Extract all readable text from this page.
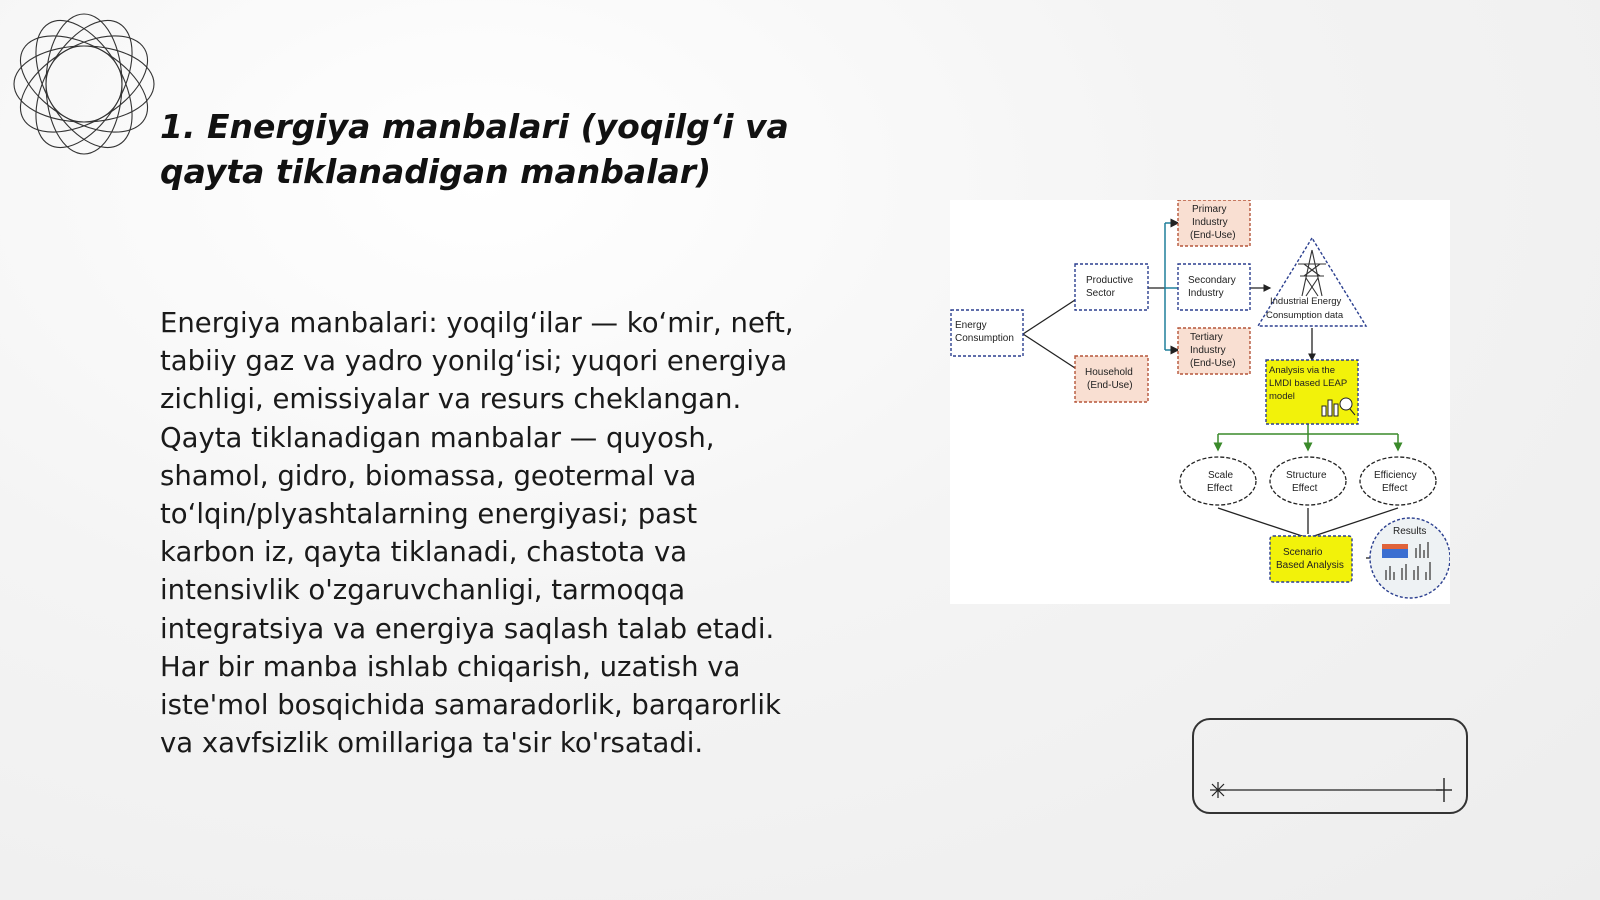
1. Energiya manbalari (yoqilg‘i va
qayta tiklanadigan manbalar)

Energiya manbalari: yoqilg‘ilar — ko‘mir, neft,
tabiiy gaz va yadro yonilg‘isi; yuqori energiya
zichligi, emissiyalar va resurs cheklangan.
Qayta tiklanadigan manbalar — quyosh,
shamol, gidro, biomassa, geotermal va
to‘lqin/plyashtalarning energiyasi; past
karbon iz, qayta tiklanadi, chastota va
intensivlik o'zgaruvchanligi, tarmoqqa
integratsiya va energiya saqlash talab etadi.
Har bir manba ishlab chiqarish, uzatish va
iste'mol bosqichida samaradorlik, barqarorlik
va xavfsizlik omillariga ta'sir ko'rsatadi.

Energy
Consumption
Productive
Sector
Household
(End-Use)
Primary
Industry
(End-Use)
Secondary
Industry
Tertiary
Industry
(End-Use)
Industrial Energy
Consumption data
Analysis via the
LMDI based LEAP
model
Scale
Effect
Structure
Effect
Efficiency
Effect
Scenario
Based Analysis
Results
